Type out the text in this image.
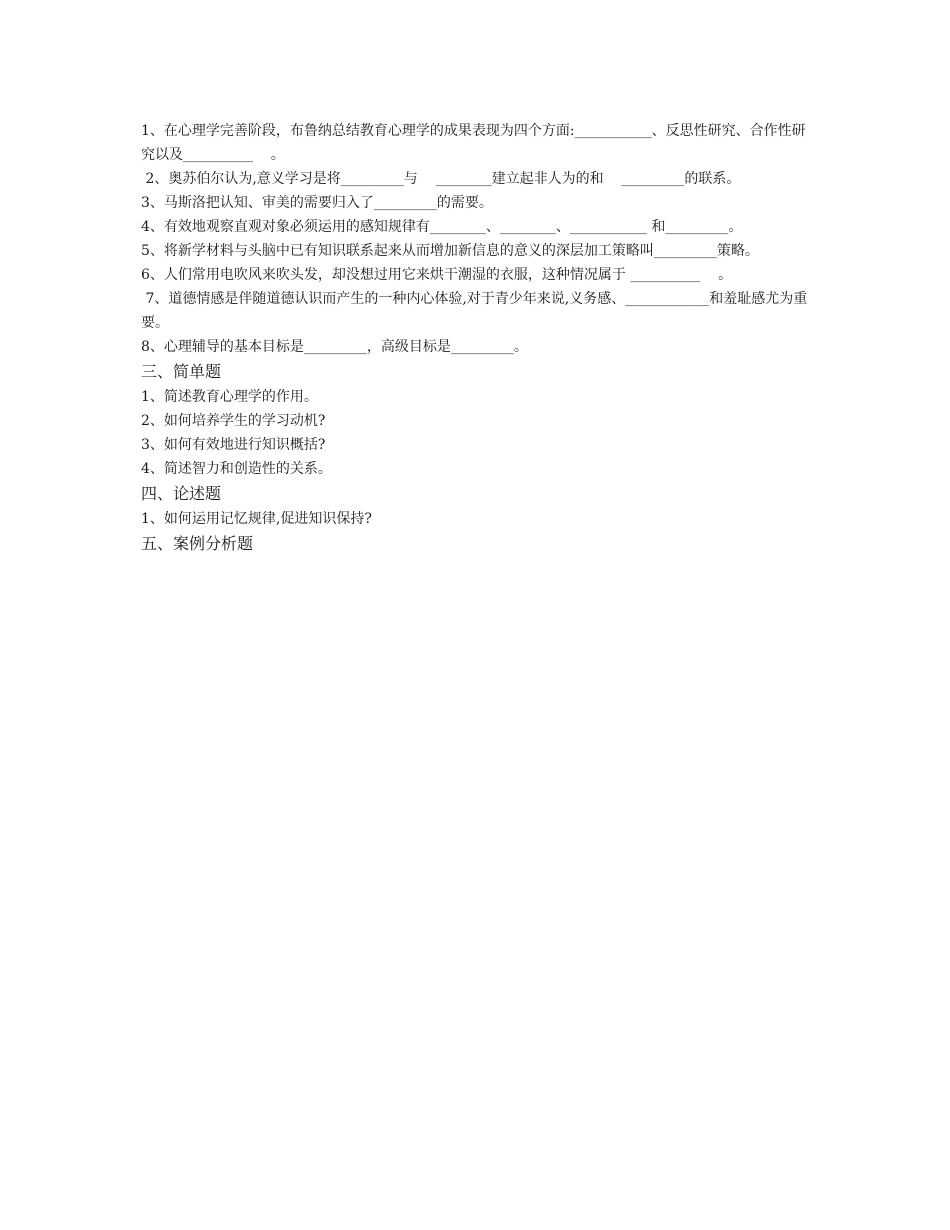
1、在心理学完善阶段，布鲁纳总结教育心理学的成果表现为四个方面:___________、反思性研究、合作性研究以及__________    。

2、奥苏伯尔认为,意义学习是将_________与    ________建立起非人为的和    _________的联系。

3、马斯洛把认知、审美的需要归入了_________的需要。

4、有效地观察直观对象必须运用的感知规律有________、________、___________ 和_________。

5、将新学材料与头脑中已有知识联系起来从而增加新信息的意义的深层加工策略叫_________策略。

6、人们常用电吹风来吹头发，却没想过用它来烘干潮湿的衣服，这种情况属于 __________    。

7、道德情感是伴随道德认识而产生的一种内心体验,对于青少年来说,义务感、____________和羞耻感尤为重要。

8、心理辅导的基本目标是_________，高级目标是_________。

三、简单题

1、简述教育心理学的作用。

2、如何培养学生的学习动机?

3、如何有效地进行知识概括?

4、简述智力和创造性的关系。

四、论述题

1、如何运用记忆规律,促进知识保持?

五、案例分析题
